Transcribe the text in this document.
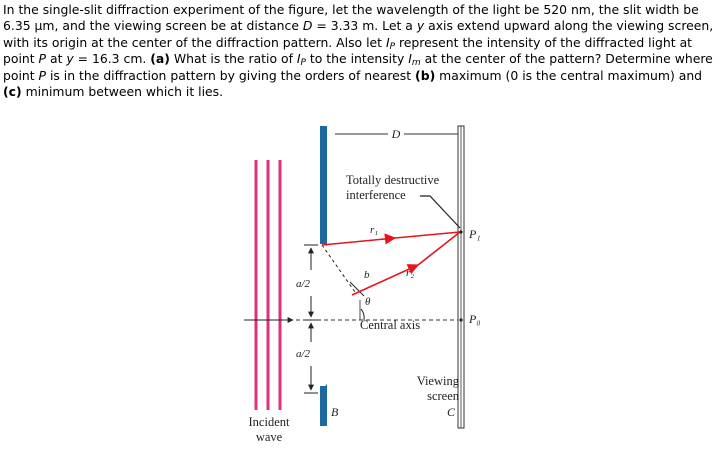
In the single-slit diffraction experiment of the figure, let the wavelength of the light be 520 nm, the slit width be 6.35 μm, and the viewing screen be at distance D = 3.33 m. Let a y axis extend upward along the viewing screen, with its origin at the center of the diffraction pattern. Also let $I_P$ represent the intensity of the diffracted light at point P at y = 16.3 cm. (a) What is the ratio of $I_P$ to the intensity $I_m$ at the center of the pattern? Determine where point P is in the diffraction pattern by giving the orders of nearest (b) maximum (0 is the central maximum) and (c) minimum between which it lies.

D
Totally destructive
interference
r₁
r₂
P₁
P₀
b
θ
a/2
a/2
Central axis
Viewing
screen
C
B
Incident
wave
